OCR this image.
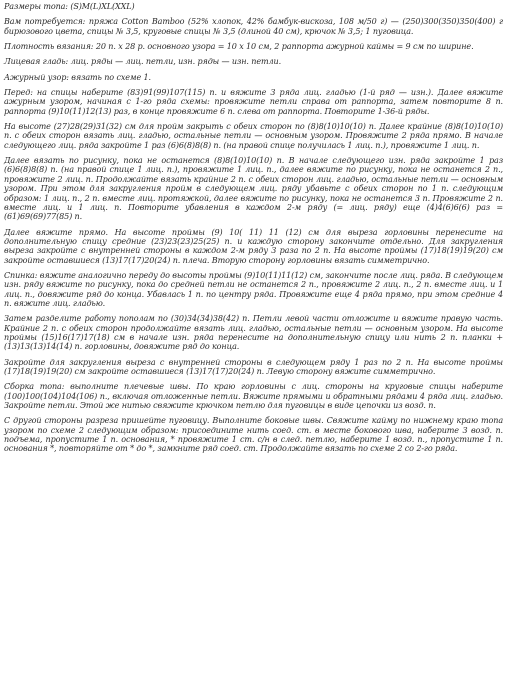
Размеры топа: (S)M(L)XL(XXL)

Вам потребуется: пряжа Cotton Bamboo (52% хлопок, 42% бамбук-вискоза, 108 м/50 г) — (250)300(350)350(400) г бирюзового цвета, спицы № 3,5, круговые спицы № 3,5 (длиной 40 см), крючок № 3,5; 1 пуговица.

Плотность вязания: 20 п. х 28 р. основного узора = 10 х 10 см, 2 раппорта ажурной каймы = 9 см по ширине.

Лицевая гладь: лиц. ряды — лиц. петли, изн. ряды — изн. петли.

Ажурный узор: вязать по схеме 1.

Перед: на спицы наберите (83)91(99)107(115) п. и вяжите 3 ряда лиц. гладью (1-й ряд — изн.). Далее вяжите ажурным узором, начиная с 1-го ряда схемы: провяжите петли справа от раппорта, затем повторите 8 п. раппорта (9)10(11)12(13) раз, в конце провяжите 6 п. слева от раппорта. Повторите 1-36-й ряды.

На высоте (27)28(29)31(32) см для пройм закрыть с обеих сторон по (8)8(10)10(10) п. Далее крайние (8)8(10)10(10) п. с обеих сторон вязать лиц. гладью, остальные петли — основным узором. Провяжите 2 ряда прямо. В начале следующего лиц. ряда закройте 1 раз (6)6(8)8(8) п. (на правой спице получилась 1 лиц. п.), провяжите 1 лиц. п.

Далее вязать по рисунку, пока не останется (8)8(10)10(10) п. В начале следующего изн. ряда закройте 1 раз (6)6(8)8(8) п. (на правой спице 1 лиц. п.), провяжите 1 лиц. п., далее вяжите по рисунку, пока не останется 2 п., провяжите 2 лиц. п. Продолжайте вязать крайние 2 п. с обеих сторон лиц. гладью, остальные петли — основным узором. При этом для закругления пройм в следующем лиц. ряду убавьте с обеих сторон по 1 п. следующим образом: 1 лиц. п., 2 п. вместе лиц. протяжкой, далее вяжите по рисунку, пока не останется 3 п. Провяжите 2 п. вместе лиц. и 1 лиц. п. Повторите убавления в каждом 2-м ряду (= лиц. ряду) еще (4)4(6)6(6) раз = (61)69(69)77(85) п.

Далее вяжите прямо. На высоте проймы (9) 10( 11) 11 (12) см для выреза горловины перенесите на дополнительную спицу средние (23)23(23)25(25) п. и каждую сторону закончите отдельно. Для закругления выреза закройте с внутренней стороны в каждом 2-м ряду 3 раза по 2 п. На высоте проймы (17)18(19)19(20) см закройте оставшиеся (13)17(17)20(24) п. плеча. Вторую сторону горловины вязать симметрично.

Спинка: вяжите аналогично переду до высоты проймы (9)10(11)11(12) см, закончите после лиц. ряда. В следующем изн. ряду вяжите по рисунку, пока до средней петли не останется 2 п., провяжите 2 лиц. п., 2 п. вместе лиц. и 1 лиц. п., довяжите ряд до конца. Убавлась 1 п. по центру ряда. Провяжите еще 4 ряда прямо, при этом средние 4 п. вяжите лиц. гладью.

Затем разделите работу пополам по (30)34(34)38(42) п. Петли левой части отложите и вяжите правую часть. Крайние 2 п. с обеих сторон продолжайте вязать лиц. гладью, остальные петли — основным узором. На высоте проймы (15)16(17)17(18) см в начале изн. ряда перенесите на дополнительную спицу или нить 2 п. планки + (13)13(13)14(14) п. горловины, довяжите ряд до конца.

Закройте для закругления выреза с внутренней стороны в следующем ряду 1 раз по 2 п. На высоте проймы (17)18(19)19(20) см закройте оставшиеся (13)17(17)20(24) п. Левую сторону вяжите симметрично.

Сборка топа: выполните плечевые швы. По краю горловины с лиц. стороны на круговые спицы наберите (100)100(104)104(106) п., включая отложенные петли. Вяжите прямыми и обратными рядами 4 ряда лиц. гладью. Закройте петли. Этой же нитью свяжите крючком петлю для пуговицы в виде цепочки из возд. п.

С другой стороны разреза пришейте пуговицу. Выполните боковые швы. Свяжите кайму по нижнему краю топа узором по схеме 2 следующим образом: присоедините нить соед. ст. в месте бокового шва, наберите 3 возд. п. подъема, пропустите 1 п. основания, * провяжите 1 ст. с/н в след. петлю, наберите 1 возд. п., пропустите 1 п. основания *, повторяйте от * до *, замкните ряд соед. ст. Продолжайте вязать по схеме 2 со 2-го ряда.
